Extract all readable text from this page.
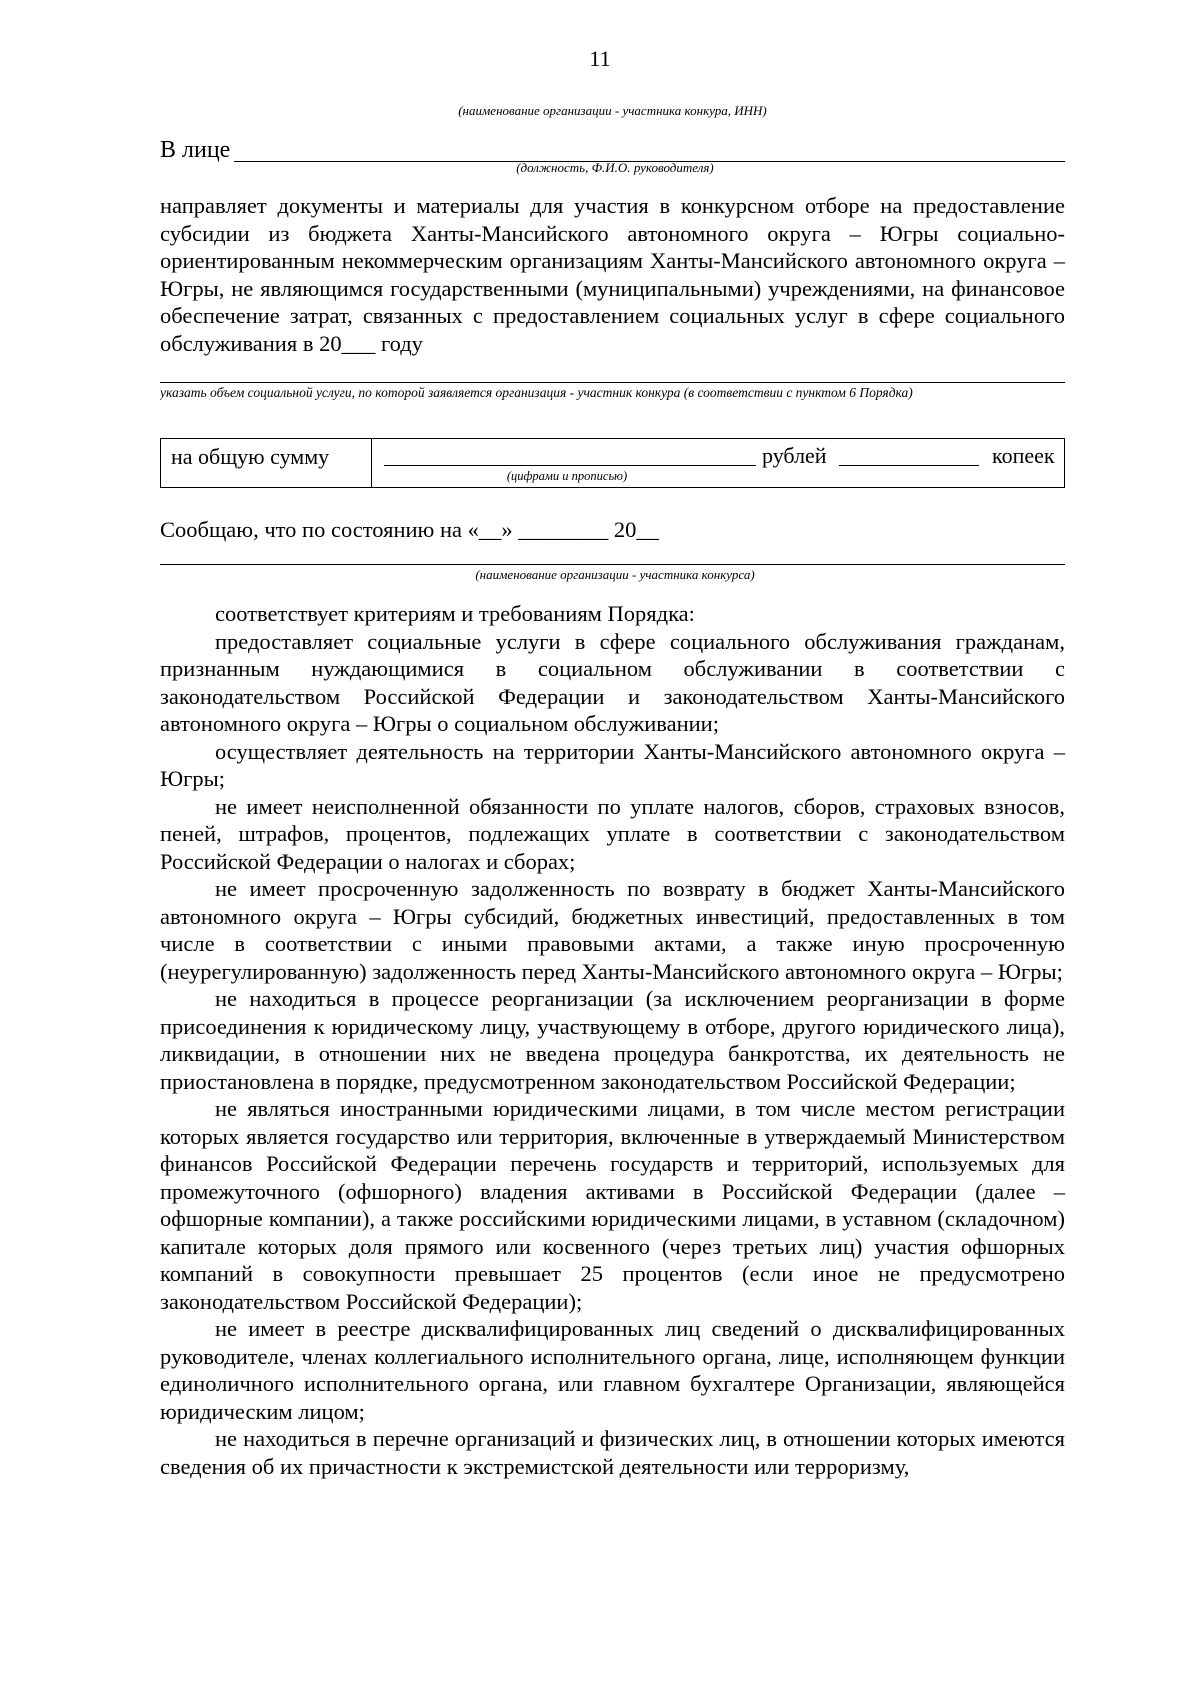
11
(наименование организации - участника конкура, ИНН)
В лице
(должность, Ф.И.О. руководителя)
направляет документы и материалы для участия в конкурсном отборе на предоставление субсидии из бюджета Ханты-Мансийского автономного округа – Югры социально-ориентированным некоммерческим организациям Ханты-Мансийского автономного округа – Югры, не являющимся государственными (муниципальными) учреждениями, на финансовое обеспечение затрат, связанных с предоставлением социальных услуг в сфере социального обслуживания в 20___ году
указать объем социальной услуги, по которой заявляется организация - участник конкура (в соответствии с пунктом 6 Порядка)
на общую сумму	рублей	копеек
(цифрами и прописью)
Сообщаю, что по состоянию на «__» ________ 20__
(наименование организации - участника конкурса)

соответствует критериям и требованиям Порядка:

предоставляет социальные услуги в сфере социального обслуживания гражданам, признанным нуждающимися в социальном обслуживании в соответствии с законодательством Российской Федерации и законодательством Ханты-Мансийского автономного округа – Югры о социальном обслуживании;

осуществляет деятельность на территории Ханты-Мансийского автономного округа – Югры;

не имеет неисполненной обязанности по уплате налогов, сборов, страховых взносов, пеней, штрафов, процентов, подлежащих уплате в соответствии с законодательством Российской Федерации о налогах и сборах;

не имеет просроченную задолженность по возврату в бюджет Ханты-Мансийского автономного округа – Югры субсидий, бюджетных инвестиций, предоставленных в том числе в соответствии с иными правовыми актами, а также иную просроченную (неурегулированную) задолженность перед Ханты-Мансийского автономного округа – Югры;

не находиться в процессе реорганизации (за исключением реорганизации в форме присоединения к юридическому лицу, участвующему в отборе, другого юридического лица), ликвидации, в отношении них не введена процедура банкротства, их деятельность не приостановлена в порядке, предусмотренном законодательством Российской Федерации;

не являться иностранными юридическими лицами, в том числе местом регистрации которых является государство или территория, включенные в утверждаемый Министерством финансов Российской Федерации перечень государств и территорий, используемых для промежуточного (офшорного) владения активами в Российской Федерации (далее – офшорные компании), а также российскими юридическими лицами, в уставном (складочном) капитале которых доля прямого или косвенного (через третьих лиц) участия офшорных компаний в совокупности превышает 25 процентов (если иное не предусмотрено законодательством Российской Федерации);

не имеет в реестре дисквалифицированных лиц сведений о дисквалифицированных руководителе, членах коллегиального исполнительного органа, лице, исполняющем функции единоличного исполнительного органа, или главном бухгалтере Организации, являющейся юридическим лицом;

не находиться в перечне организаций и физических лиц, в отношении которых имеются сведения об их причастности к экстремистской деятельности или терроризму,
